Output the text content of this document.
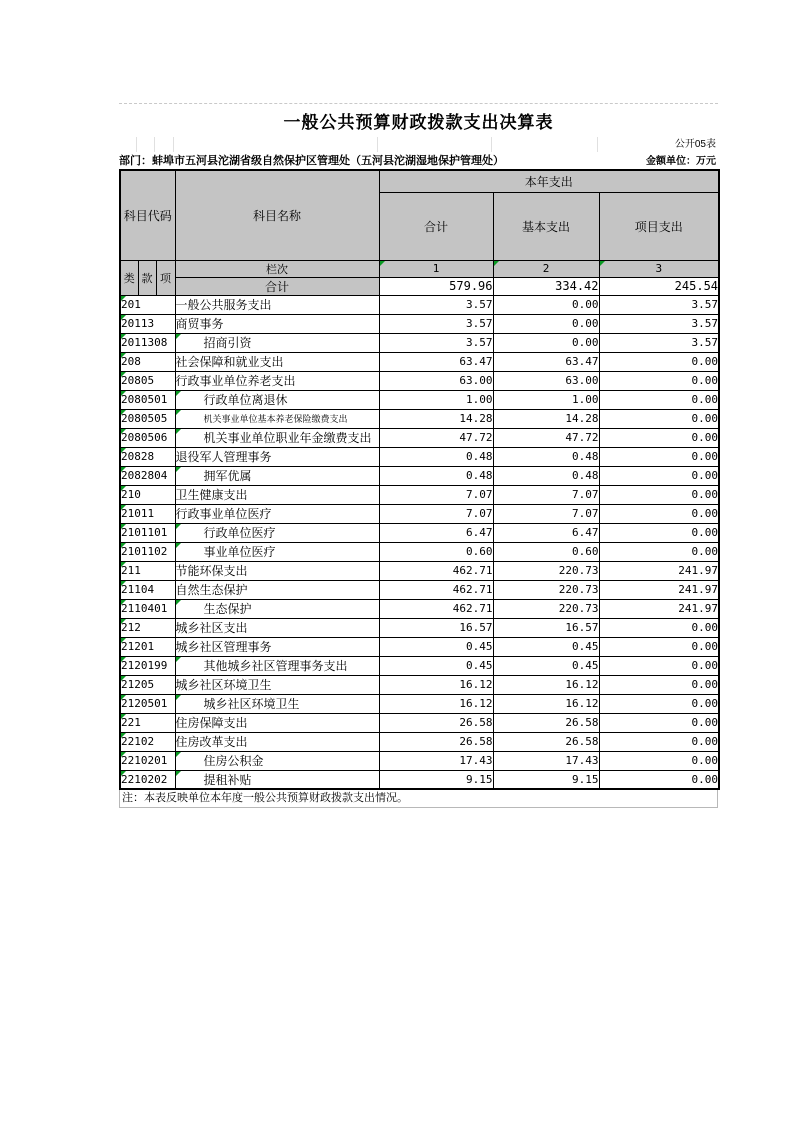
一般公共预算财政拨款支出决算表
公开05表
部门：蚌埠市五河县沱湖省级自然保护区管理处（五河县沱湖湿地保护管理处）	金额单位：万元
科目代码			科目名称	本年支出		
				合计	基本支出	项目支出
类	款	项	栏次	1	2	3
			合计	579.96	334.42	245.54

201			一般公共服务支出	3.57	0.00	3.57

20113			商贸事务	3.57	0.00	3.57

2011308			招商引资	3.57	0.00	3.57

208			社会保障和就业支出	63.47	63.47	0.00

20805			行政事业单位养老支出	63.00	63.00	0.00

2080501			行政单位离退休	1.00	1.00	0.00

2080505			机关事业单位基本养老保险缴费支出	14.28	14.28	0.00

2080506			机关事业单位职业年金缴费支出	47.72	47.72	0.00

20828			退役军人管理事务	0.48	0.48	0.00

2082804			拥军优属	0.48	0.48	0.00

210			卫生健康支出	7.07	7.07	0.00

21011			行政事业单位医疗	7.07	7.07	0.00

2101101			行政单位医疗	6.47	6.47	0.00

2101102			事业单位医疗	0.60	0.60	0.00

211			节能环保支出	462.71	220.73	241.97

21104			自然生态保护	462.71	220.73	241.97

2110401			生态保护	462.71	220.73	241.97

212			城乡社区支出	16.57	16.57	0.00

21201			城乡社区管理事务	0.45	0.45	0.00

2120199			其他城乡社区管理事务支出	0.45	0.45	0.00

21205			城乡社区环境卫生	16.12	16.12	0.00

2120501			城乡社区环境卫生	16.12	16.12	0.00

221			住房保障支出	26.58	26.58	0.00

22102			住房改革支出	26.58	26.58	0.00

2210201			住房公积金	17.43	17.43	0.00

2210202			提租补贴	9.15	9.15	0.00
注：本表反映单位本年度一般公共预算财政拨款支出情况。
